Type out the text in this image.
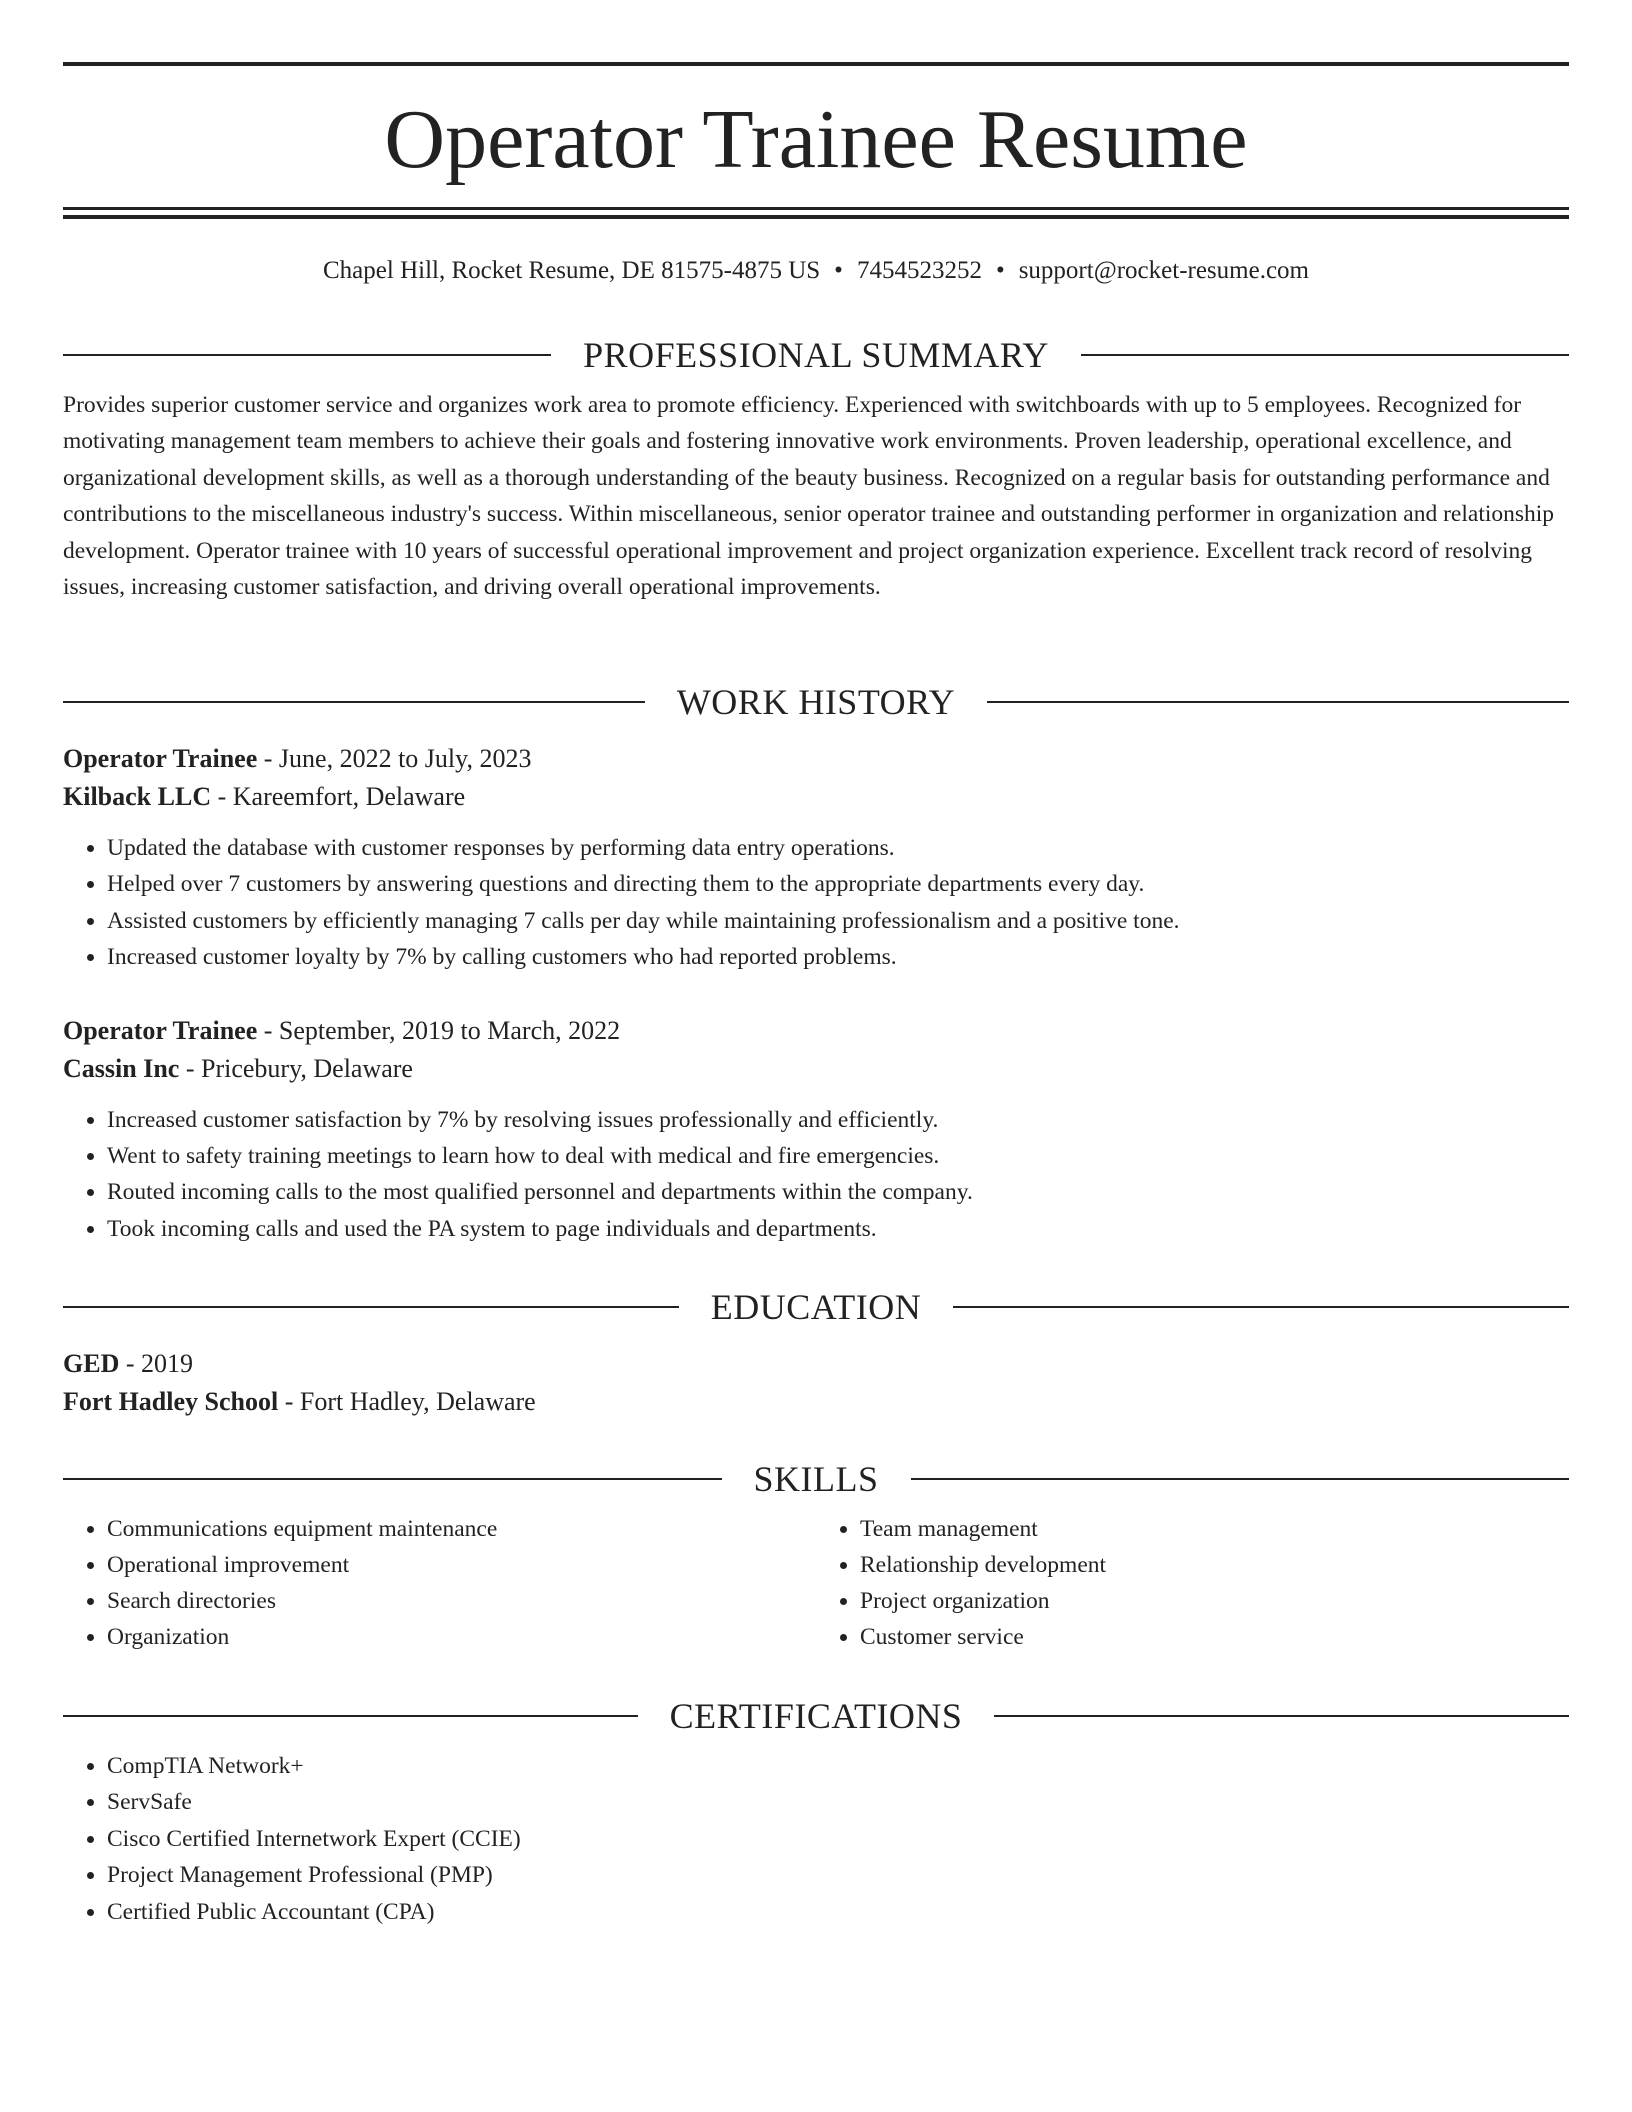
Operator Trainee Resume
Chapel Hill, Rocket Resume, DE 81575-4875 US • 7454523252 • support@rocket-resume.com
PROFESSIONAL SUMMARY

Provides superior customer service and organizes work area to promote efficiency. Experienced with switchboards with up to 5 employees. Recognized for motivating management team members to achieve their goals and fostering innovative work environments. Proven leadership, operational excellence, and organizational development skills, as well as a thorough understanding of the beauty business. Recognized on a regular basis for outstanding performance and contributions to the miscellaneous industry's success. Within miscellaneous, senior operator trainee and outstanding performer in organization and relationship development. Operator trainee with 10 years of successful operational improvement and project organization experience. Excellent track record of resolving issues, increasing customer satisfaction, and driving overall operational improvements.

WORK HISTORY
Operator Trainee - June, 2022 to July, 2023
Kilback LLC - Kareemfort, Delaware
• Updated the database with customer responses by performing data entry operations.
• Helped over 7 customers by answering questions and directing them to the appropriate departments every day.
• Assisted customers by efficiently managing 7 calls per day while maintaining professionalism and a positive tone.
• Increased customer loyalty by 7% by calling customers who had reported problems.
Operator Trainee - September, 2019 to March, 2022
Cassin Inc - Pricebury, Delaware
• Increased customer satisfaction by 7% by resolving issues professionally and efficiently.
• Went to safety training meetings to learn how to deal with medical and fire emergencies.
• Routed incoming calls to the most qualified personnel and departments within the company.
• Took incoming calls and used the PA system to page individuals and departments.
EDUCATION
GED - 2019
Fort Hadley School - Fort Hadley, Delaware
SKILLS
• Communications equipment maintenance
• Operational improvement
• Search directories
• Organization
• Team management
• Relationship development
• Project organization
• Customer service
CERTIFICATIONS
• CompTIA Network+
• ServSafe
• Cisco Certified Internetwork Expert (CCIE)
• Project Management Professional (PMP)
• Certified Public Accountant (CPA)
